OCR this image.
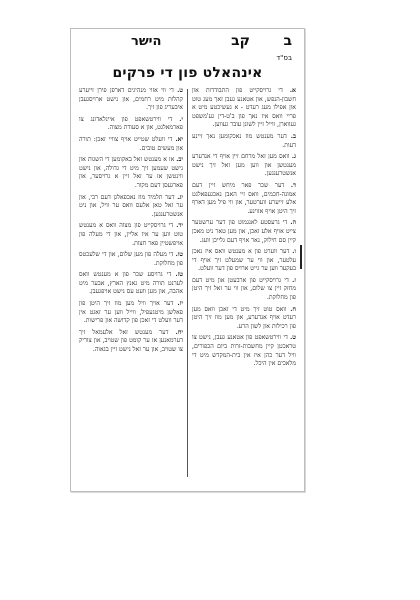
ב
קב
הישר
בס"ד
אינהאלט פון די פרקים

א. די גרויסקייט פון התבודדות און חשבון-הנפש, און אטאנע געבן זאך מעג טוט און אפילו מעג רעדט - א געשיכטע מיט א פריי וואס איז נאך פון ב'ט-דין גע'משפט געווארן, ווייל זיין לשונן עובר געווען.

ב. דער מענטש מוז נאכקומען נאך זיינע דעות.

ג. וואס מען זאל מרחם זיין אויף די אנדערע מענטשן און ווען מען זאל זיך נישט אנשטרענגען.

ד. דער שכר פאר מיחש זיין דעם אמונה-חכמים, וואס זיי האבן נאכגעפאלגט אלע זייערע ווערטער, און ווי פיל מען דארף זיך היטן אויף אזוינע.

ה. די גרעסטע לאנגמוט פון דער ערשטער צייט אויף אלע זאכן, און מען טאר ניט מאכן קיין סם חילוק, נאר אויף דעם גלייכן וועג.

ו. דער ווערט פון א מענטש וואס איז נאכן עלטער, און ווי ער שמעלט זיך אויף די בעקער ווען ער גייט ארויס פון דער וועלט.

ז. די גרויסקייט פון ארבעטן און מיט דעם מחזק זיין צו שלום, און ווי ער זאל זיך היטן פון מחלוקת.

ח. וואס טוט זיך מיט די זאכן וואס מען רעדט אויף אנדערע, און מען מוז זיך היטן פון רכילות און לשון הרע.

ט. די ווירטשאפט פון אטאנע געבן, נישט צו טראכטן קיין מחשבות-זרות ביום הכפורים, וויל דער כהן איז אין בית-המקדש מיט די מלאכים אין היכל.

ט. די ווי אזוי מנהיגים דארפן פירן זייערע קהלות מיט רחמים, און נישט ארויסגעבן איבעריג פון זיך.

י. די ווירטשאפט פון איינלאדונג צו פארמאלגט, און א סעודת מצוה.

יא. די וועלט שטייט אויף צוויי זאכן: תורה און מעשים טובים.

יב. אז א מענטש זאל באקומען די השגות און נישט שעמען זיך מיט די גדולה, און נישט ווינטשן אז ער זאל זיין א גרויסער, און פארגעסן דעם מקור.

יג. דער תלמיד מוז נאכפאלגן דעם רבי, און ער זאל טאן אלעס וואס ער וויל, און ניט אנשטרענגען.

יד. די גרויסקייט פון מצוה וואס א מענטש טוט ווען ער איז אליין, און די מעלה פון אויפשטיין פאר חצות.

טו. די מעלה פון מען שלום, און די שלעכטס פון מחלוקת.

טז. די גרויסע שכר פון א מענטש וואס לערנט תורה מיט גאנץ הארץ, אבער מיט אהבה, און מען וועט עס נישט אויפגעבן.

יז. דער אויך וויל מען מוז זיך היטן פון פאלשן מיטגעפיל, ווייל ווען ער זאגט אין דער וועלט די זאכן פון קדושה און פרישות.

יח. דער מענטש זאל אלעמאל זיך דערמאנען אז ער קומט פון שטויב, און צוריק צו שטויב, און ער זאל נישט זיין בגאוה.
